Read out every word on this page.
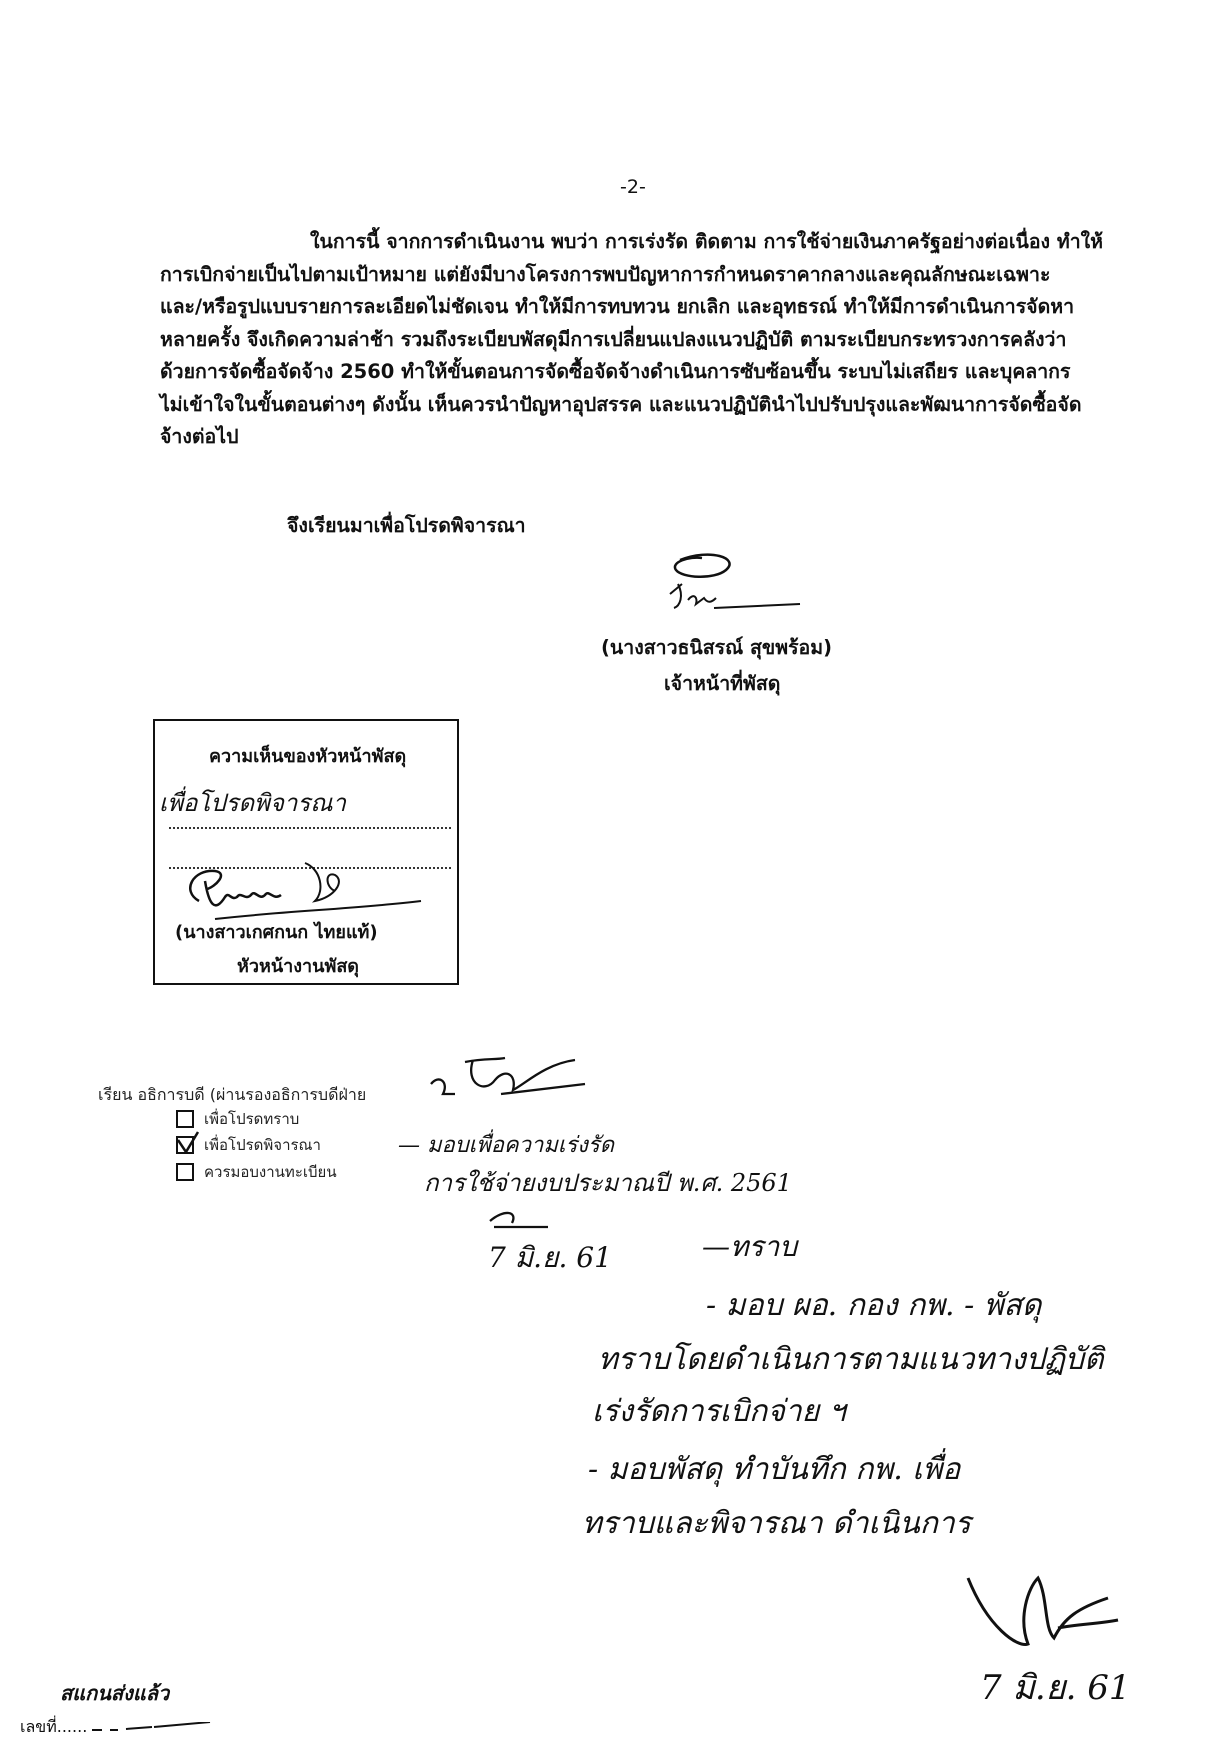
-2-
ในการนี้ จากการดำเนินงาน พบว่า การเร่งรัด ติดตาม การใช้จ่ายเงินภาครัฐอย่างต่อเนื่อง ทำให้
การเบิกจ่ายเป็นไปตามเป้าหมาย แต่ยังมีบางโครงการพบปัญหาการกำหนดราคากลางและคุณลักษณะเฉพาะ
และ/หรือรูปแบบรายการละเอียดไม่ชัดเจน ทำให้มีการทบทวน ยกเลิก และอุทธรณ์ ทำให้มีการดำเนินการจัดหา
หลายครั้ง จึงเกิดความล่าช้า รวมถึงระเบียบพัสดุมีการเปลี่ยนแปลงแนวปฏิบัติ ตามระเบียบกระทรวงการคลังว่า
ด้วยการจัดซื้อจัดจ้าง 2560 ทำให้ขั้นตอนการจัดซื้อจัดจ้างดำเนินการซับซ้อนขึ้น ระบบไม่เสถียร และบุคลากร
ไม่เข้าใจในขั้นตอนต่างๆ ดังนั้น เห็นควรนำปัญหาอุปสรรค และแนวปฏิบัตินำไปปรับปรุงและพัฒนาการจัดซื้อจัด
จ้างต่อไป
จึงเรียนมาเพื่อโปรดพิจารณา
(นางสาวธนิสรณ์ สุขพร้อม)
เจ้าหน้าที่พัสดุ
ความเห็นของหัวหน้าพัสดุ
เพื่อโปรดพิจารณา
(นางสาวเกศกนก ไทยแท้)
หัวหน้างานพัสดุ
เรียน อธิการบดี (ผ่านรองอธิการบดีฝ่าย
เพื่อโปรดทราบ
เพื่อโปรดพิจารณา
ควรมอบงานทะเบียน
— มอบเพื่อความเร่งรัด
การใช้จ่ายงบประมาณปี พ.ศ. 2561
7 มิ.ย. 61	—ทราบ
- มอบ ผอ. กอง กพ. - พัสดุ
ทราบโดยดำเนินการตามแนวทางปฏิบัติ
เร่งรัดการเบิกจ่าย ฯ
- มอบพัสดุ ทำบันทึก กพ. เพื่อ
ทราบและพิจารณา ดำเนินการ
7 มิ.ย. 61
สแกนส่งแล้ว
เลขที่......
